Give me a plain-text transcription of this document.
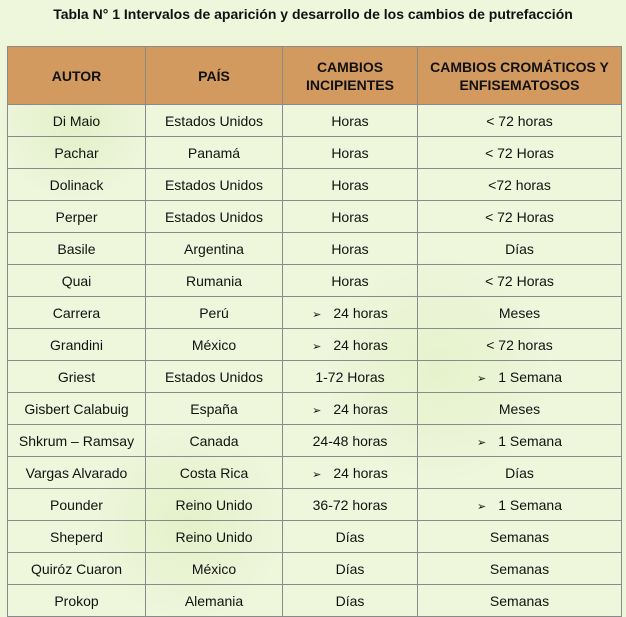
Tabla N° 1 Intervalos de aparición y desarrollo de los cambios de putrefacción
AUTOR	PAÍS	CAMBIOS INCIPIENTES	CAMBIOS CROMÁTICOS Y ENFISEMATOSOS
Di Maio	Estados Unidos	Horas	< 72 horas
Pachar	Panamá	Horas	< 72 Horas
Dolinack	Estados Unidos	Horas	<72 horas
Perper	Estados Unidos	Horas	< 72 Horas
Basile	Argentina	Horas	Días
Quai	Rumania	Horas	< 72 Horas
Carrera	Perú	➢ 24 horas	Meses
Grandini	México	➢ 24 horas	< 72 horas
Griest	Estados Unidos	1-72 Horas	➢ 1 Semana
Gisbert Calabuig	España	➢ 24 horas	Meses
Shkrum – Ramsay	Canada	24-48 horas	➢ 1 Semana
Vargas Alvarado	Costa Rica	➢ 24 horas	Días
Pounder	Reino Unido	36-72 horas	➢ 1 Semana
Sheperd	Reino Unido	Días	Semanas
Quiróz Cuaron	México	Días	Semanas
Prokop	Alemania	Días	Semanas
